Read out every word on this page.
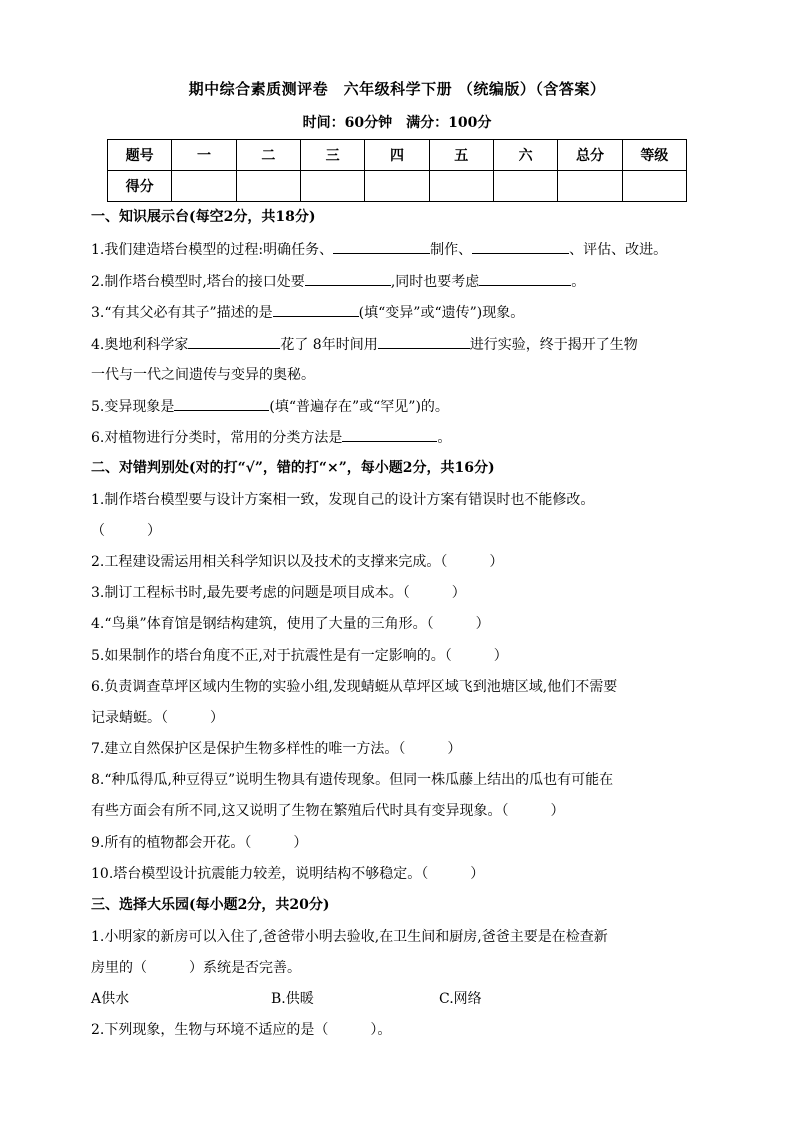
期中综合素质测评卷　六年级科学下册 （统编版）（含答案）
时间：60分钟　满分：100分
题号	一	二	三	四	五	六	总分	等级
得分								
一、知识展示台(每空2分，共18分)
1.我们建造塔台模型的过程:明确任务、	制作、	、评估、改进。
2.制作塔台模型时,塔台的接口处要	,同时也要考虑	。
3.“有其父必有其子”描述的是	(填“变异”或“遗传”)现象。
4.奥地利科学家	花了 8年时间用	进行实验，终于揭开了生物
一代与一代之间遗传与变异的奥秘。
5.变异现象是	(填“普遍存在”或“罕见”)的。
6.对植物进行分类时，常用的分类方法是	。
二、对错判别处(对的打“√”，错的打“×”，每小题2分，共16分)
1.制作塔台模型要与设计方案相一致，发现自己的设计方案有错误时也不能修改。
（　　　）
2.工程建设需运用相关科学知识以及技术的支撑来完成。（　　　）
3.制订工程标书时,最先要考虑的问题是项目成本。（　　　）
4.“鸟巢”体育馆是钢结构建筑，使用了大量的三角形。（　　　）
5.如果制作的塔台角度不正,对于抗震性是有一定影响的。（　　　）
6.负责调查草坪区域内生物的实验小组,发现蜻蜓从草坪区域飞到池塘区域,他们不需要
记录蜻蜓。（　　　）
7.建立自然保护区是保护生物多样性的唯一方法。（　　　）
8.“种瓜得瓜,种豆得豆”说明生物具有遗传现象。但同一株瓜藤上结出的瓜也有可能在
有些方面会有所不同,这又说明了生物在繁殖后代时具有变异现象。（　　　）
9.所有的植物都会开花。（　　　）
10.塔台模型设计抗震能力较差，说明结构不够稳定。（　　　）
三、选择大乐园(每小题2分，共20分)
1.小明家的新房可以入住了,爸爸带小明去验收,在卫生间和厨房,爸爸主要是在检查新
房里的（　　　）系统是否完善。
A供水	B.供暖	C.网络
2.下列现象，生物与环境不适应的是（　　　）。
